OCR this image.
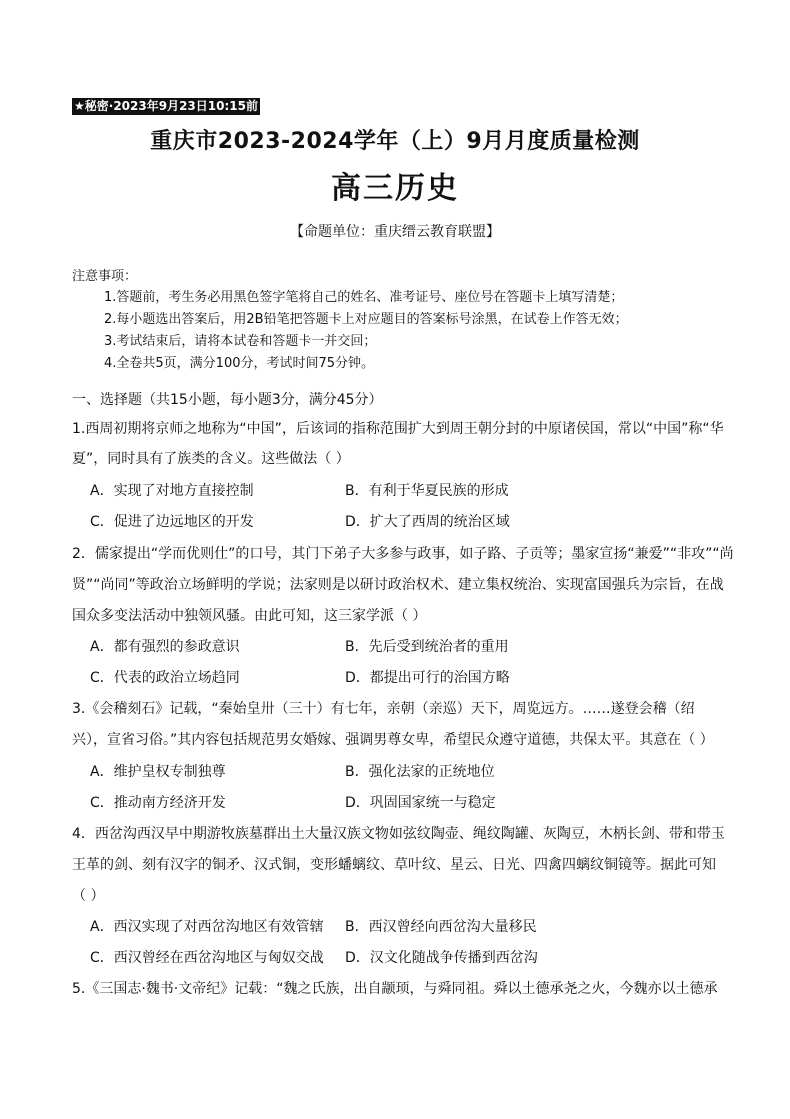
★秘密·2023年9月23日10:15前
重庆市2023-2024学年（上）9月月度质量检测
高三历史
【命题单位：重庆缙云教育联盟】
注意事项：
1.答题前，考生务必用黑色签字笔将自己的姓名、准考证号、座位号在答题卡上填写清楚；
2.每小题选出答案后，用2B铅笔把答题卡上对应题目的答案标号涂黑，在试卷上作答无效；
3.考试结束后，请将本试卷和答题卡一并交回；
4.全卷共5页，满分100分，考试时间75分钟。
一、选择题（共15小题，每小题3分，满分45分）
1.西周初期将京师之地称为“中国”，后该词的指称范围扩大到周王朝分封的中原诸侯国，常以“中国”称“华
夏”，同时具有了族类的含义。这些做法（ ）
A．实现了对地方直接控制	B．有利于华夏民族的形成
C．促进了边远地区的开发	D．扩大了西周的统治区域
2．儒家提出“学而优则仕”的口号，其门下弟子大多参与政事，如子路、子贡等；墨家宣扬“兼爱”“非攻”“尚
贤”“尚同”等政治立场鲜明的学说；法家则是以研讨政治权术、建立集权统治、实现富国强兵为宗旨，在战
国众多变法活动中独领风骚。由此可知，这三家学派（ ）
A．都有强烈的参政意识	B．先后受到统治者的重用
C．代表的政治立场趋同	D．都提出可行的治国方略
3.《会稽刻石》记载，“秦始皇卅（三十）有七年，亲朝（亲巡）天下，周览远方。……遂登会稽（绍
兴），宣省习俗。”其内容包括规范男女婚嫁、强调男尊女卑，希望民众遵守道德，共保太平。其意在（ ）
A．维护皇权专制独尊	B．强化法家的正统地位
C．推动南方经济开发	D．巩固国家统一与稳定
4．西岔沟西汉早中期游牧族墓群出土大量汉族文物如弦纹陶壶、绳纹陶罐、灰陶豆，木柄长剑、带和带玉
王革的剑、刻有汉字的铜矛、汉式铜，变形蟠螭纹、草叶纹、星云、日光、四禽四螭纹铜镜等。据此可知
（ ）
A．西汉实现了对西岔沟地区有效管辖 B．西汉曾经向西岔沟大量移民
C．西汉曾经在西岔沟地区与匈奴交战 D．汉文化随战争传播到西岔沟
5.《三国志·魏书·文帝纪》记载：“魏之氏族，出自颛顼，与舜同祖。舜以土德承尧之火，今魏亦以土德承
